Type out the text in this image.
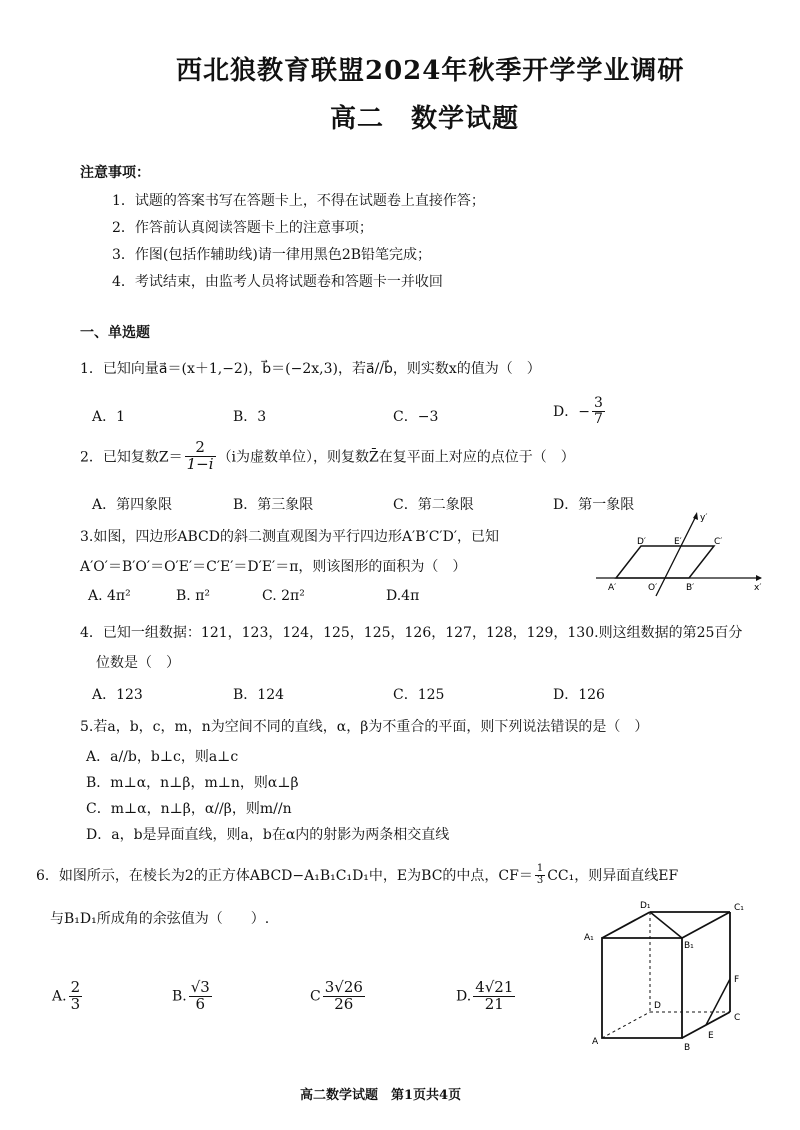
西北狼教育联盟2024年秋季开学学业调研
高二　数学试题
注意事项：
1．试题的答案书写在答题卡上，不得在试题卷上直接作答；
2．作答前认真阅读答题卡上的注意事项；
3．作图(包括作辅助线)请一律用黑色2B铅笔完成；
4．考试结束，由监考人员将试题卷和答题卡一并收回
一、单选题
1．已知向量a⃗＝(x＋1,−2)，b⃗＝(−2x,3)，若a⃗//b⃗，则实数x的值为（　）
A．1	B．3	C．−3	D．− $\frac{3}{7}$
2．已知复数$Z= \frac{2}{1-i} (i$为虚数单位），则复数Z̄在复平面上对应的点位于（　）
A．第四象限	B．第三象限	C．第二象限	D．第一象限
3.如图，四边形ABCD的斜二测直观图为平行四边形A′B′C′D′，已知
A′O′＝B′O′＝O′E′＝C′E′＝D′E′＝π，则该图形的面积为（　）
A. 4π²	B. π²	C. 2π²	D.4π
y′
D′	E′	C′
A′	O′	B′	x′
4．已知一组数据：121，123，124，125，125，126，127，128，129，130.则这组数据的第25百分
位数是（　）
A．123	B．124	C．125	D．126
5.若a，b，c，m，n为空间不同的直线，α，β为不重合的平面，则下列说法错误的是（　）
A．a//b，b⊥c，则a⊥c
B．m⊥α，n⊥β，m⊥n，则α⊥β
C．m⊥α，n⊥β，α//β，则m//n
D．a，b是异面直线，则a，b在α内的射影为两条相交直线
6．如图所示，在棱长为2的正方体ABCD−A₁B₁C₁D₁中，E为BC的中点，$CF= \frac{1}{3} CC_1$，则异面直线EF
与B₁D₁所成角的余弦值为（　　）.
A. $\frac{2}{3}$	B. $\frac{√3}{6}$	C $\frac{3√26}{26}$	D. $\frac{4√21}{21}$
D₁	C₁
A₁
B₁
F
D
C
A
B
E
高二数学试题　第1页共4页
